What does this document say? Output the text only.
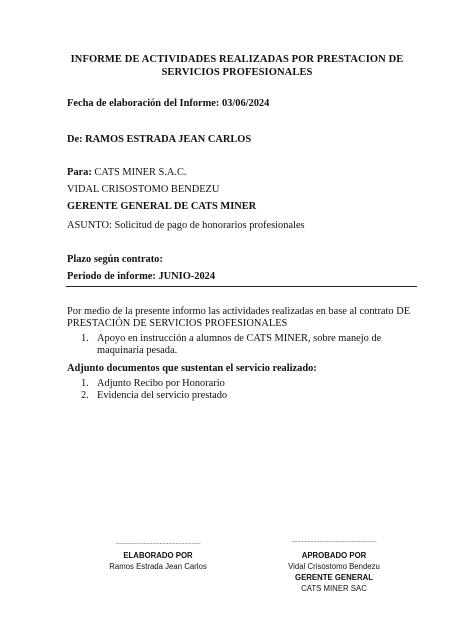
INFORME DE ACTIVIDADES REALIZADAS POR PRESTACION DE
SERVICIOS PROFESIONALES
Fecha de elaboración del Informe: 03/06/2024
De: RAMOS ESTRADA JEAN CARLOS
Para: CATS MINER S.A.C.
VIDAL CRISOSTOMO BENDEZU
GERENTE GENERAL DE CATS MINER
ASUNTO: Solicitud de pago de honorarios profesionales
Plazo según contrato:
Periodo de informe: JUNIO-2024
Por medio de la presente informo las actividades realizadas en base al contrato DE
PRESTACIÓN DE SERVICIOS PROFESIONALES
1. Apoyo en instrucción a alumnos de CATS MINER, sobre manejo de
maquinaria pesada.
Adjunto documentos que sustentan el servicio realizado:
1. Adjunto Recibo por Honorario
2. Evidencia del servicio prestado
..........................................................
ELABORADO POR
Ramos Estrada Jean Carlos
..........................................................
APROBADO POR
Vidal Crisostomo Bendezu
GERENTE GENERAL
CATS MINER SAC
